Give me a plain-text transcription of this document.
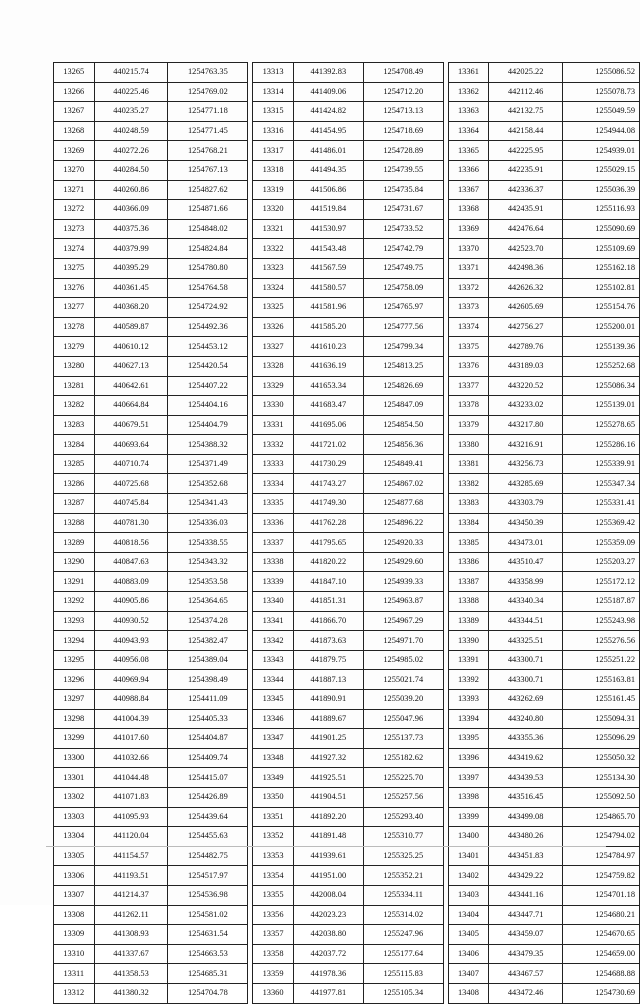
13265	440215.74	1254763.35
13266	440225.46	1254769.02
13267	440235.27	1254771.18
13268	440248.59	1254771.45
13269	440272.26	1254768.21
13270	440284.50	1254767.13
13271	440260.86	1254827.62
13272	440366.09	1254871.66
13273	440375.36	1254848.02
13274	440379.99	1254824.84
13275	440395.29	1254780.80
13276	440361.45	1254764.58
13277	440368.20	1254724.92
13278	440589.87	1254492.36
13279	440610.12	1254453.12
13280	440627.13	1254420.54
13281	440642.61	1254407.22
13282	440664.84	1254404.16
13283	440679.51	1254404.79
13284	440693.64	1254388.32
13285	440710.74	1254371.49
13286	440725.68	1254352.68
13287	440745.84	1254341.43
13288	440781.30	1254336.03
13289	440818.56	1254338.55
13290	440847.63	1254343.32
13291	440883.09	1254353.58
13292	440905.86	1254364.65
13293	440930.52	1254374.28
13294	440943.93	1254382.47
13295	440956.08	1254389.04
13296	440969.94	1254398.49
13297	440988.84	1254411.09
13298	441004.39	1254405.33
13299	441017.60	1254404.87
13300	441032.66	1254409.74
13301	441044.48	1254415.07
13302	441071.83	1254426.89
13303	441095.93	1254439.64
13304	441120.04	1254455.63
13305	441154.57	1254482.75
13306	441193.51	1254517.97
13307	441214.37	1254536.98
13308	441262.11	1254581.02
13309	441308.93	1254631.54
13310	441337.67	1254663.53
13311	441358.53	1254685.31
13312	441380.32	1254704.78
13313	441392.83	1254708.49
13314	441409.06	1254712.20
13315	441424.82	1254713.13
13316	441454.95	1254718.69
13317	441486.01	1254728.89
13318	441494.35	1254739.55
13319	441506.86	1254735.84
13320	441519.84	1254731.67
13321	441530.97	1254733.52
13322	441543.48	1254742.79
13323	441567.59	1254749.75
13324	441580.57	1254758.09
13325	441581.96	1254765.97
13326	441585.20	1254777.56
13327	441610.23	1254799.34
13328	441636.19	1254813.25
13329	441653.34	1254826.69
13330	441683.47	1254847.09
13331	441695.06	1254854.50
13332	441721.02	1254856.36
13333	441730.29	1254849.41
13334	441743.27	1254867.02
13335	441749.30	1254877.68
13336	441762.28	1254896.22
13337	441795.65	1254920.33
13338	441820.22	1254929.60
13339	441847.10	1254939.33
13340	441851.31	1254963.87
13341	441866.70	1254967.29
13342	441873.63	1254971.70
13343	441879.75	1254985.02
13344	441887.13	1255021.74
13345	441890.91	1255039.20
13346	441889.67	1255047.96
13347	441901.25	1255137.73
13348	441927.32	1255182.62
13349	441925.51	1255225.70
13350	441904.51	1255257.56
13351	441892.20	1255293.40
13352	441891.48	1255310.77
13353	441939.61	1255325.25
13354	441951.00	1255352.21
13355	442008.04	1255334.11
13356	442023.23	1255314.02
13357	442038.80	1255247.96
13358	442037.72	1255177.64
13359	441978.36	1255115.83
13360	441977.81	1255105.34
13361	442025.22	1255086.52
13362	442112.46	1255078.73
13363	442132.75	1255049.59
13364	442158.44	1254944.08
13365	442225.95	1254939.01
13366	442235.91	1255029.15
13367	442336.37	1255036.39
13368	442435.91	1255116.93
13369	442476.64	1255090.69
13370	442523.70	1255109.69
13371	442498.36	1255162.18
13372	442626.32	1255102.81
13373	442605.69	1255154.76
13374	442756.27	1255200.01
13375	442789.76	1255139.36
13376	443189.03	1255252.68
13377	443220.52	1255086.34
13378	443233.02	1255139.01
13379	443217.80	1255278.65
13380	443216.91	1255286.16
13381	443256.73	1255339.91
13382	443285.69	1255347.34
13383	443303.79	1255331.41
13384	443450.39	1255369.42
13385	443473.01	1255359.09
13386	443510.47	1255203.27
13387	443358.99	1255172.12
13388	443340.34	1255187.87
13389	443344.51	1255243.98
13390	443325.51	1255276.56
13391	443300.71	1255251.22
13392	443300.71	1255163.81
13393	443262.69	1255161.45
13394	443240.80	1255094.31
13395	443355.36	1255096.29
13396	443419.62	1255050.32
13397	443439.53	1255134.30
13398	443516.45	1255092.50
13399	443499.08	1254865.70
13400	443480.26	1254794.02
13401	443451.83	1254784.97
13402	443429.22	1254759.82
13403	443441.16	1254701.18
13404	443447.71	1254680.21
13405	443459.07	1254670.65
13406	443479.35	1254659.00
13407	443467.57	1254688.88
13408	443472.46	1254730.69
